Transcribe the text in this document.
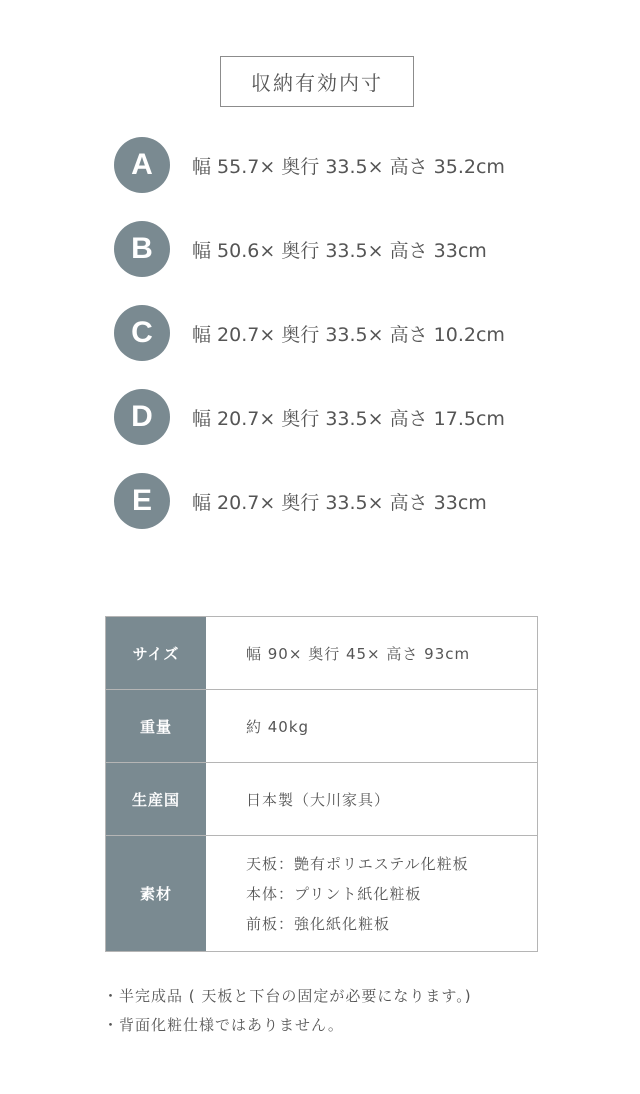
収納有効内寸
A	幅 55.7× 奥行 33.5× 高さ 35.2cm
B	幅 50.6× 奥行 33.5× 高さ 33cm
C	幅 20.7× 奥行 33.5× 高さ 10.2cm
D	幅 20.7× 奥行 33.5× 高さ 17.5cm
E	幅 20.7× 奥行 33.5× 高さ 33cm
サイズ	幅 90× 奥行 45× 高さ 93cm
重量	約 40kg
生産国	日本製（大川家具）
素材	天板：艶有ポリエステル化粧板
本体：プリント紙化粧板
前板：強化紙化粧板
・半完成品 ( 天板と下台の固定が必要になります。)
・背面化粧仕様ではありません。
